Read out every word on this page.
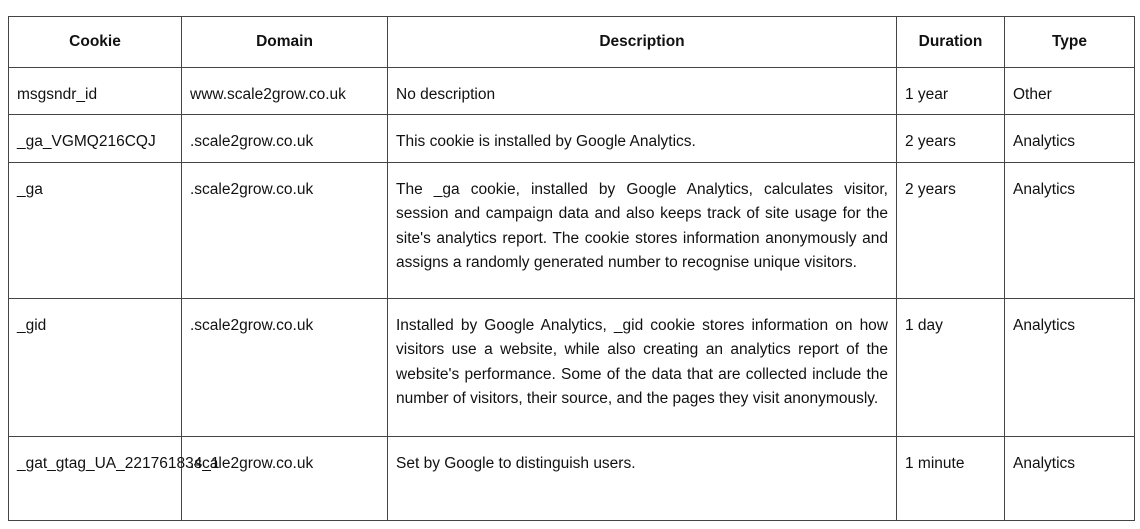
Cookie	Domain	Description	Duration	Type
msgsndr_id	www.scale2grow.co.uk	No description	1 year	Other
_ga_VGMQ216CQJ	.scale2grow.co.uk	This cookie is installed by Google Analytics.	2 years	Analytics
_ga	.scale2grow.co.uk	The _ga cookie, installed by Google Analytics, calculates visitor, session and campaign data and also keeps track of site usage for the site's analytics report. The cookie stores information anonymously and assigns a randomly generated number to recognise unique visitors.	2 years	Analytics
_gid	.scale2grow.co.uk	Installed by Google Analytics, _gid cookie stores information on how visitors use a website, while also creating an analytics report of the website's performance. Some of the data that are collected include the number of visitors, their source, and the pages they visit anonymously.	1 day	Analytics
_gat_gtag_UA_221761834_1	.scale2grow.co.uk	Set by Google to distinguish users.	1 minute	Analytics
